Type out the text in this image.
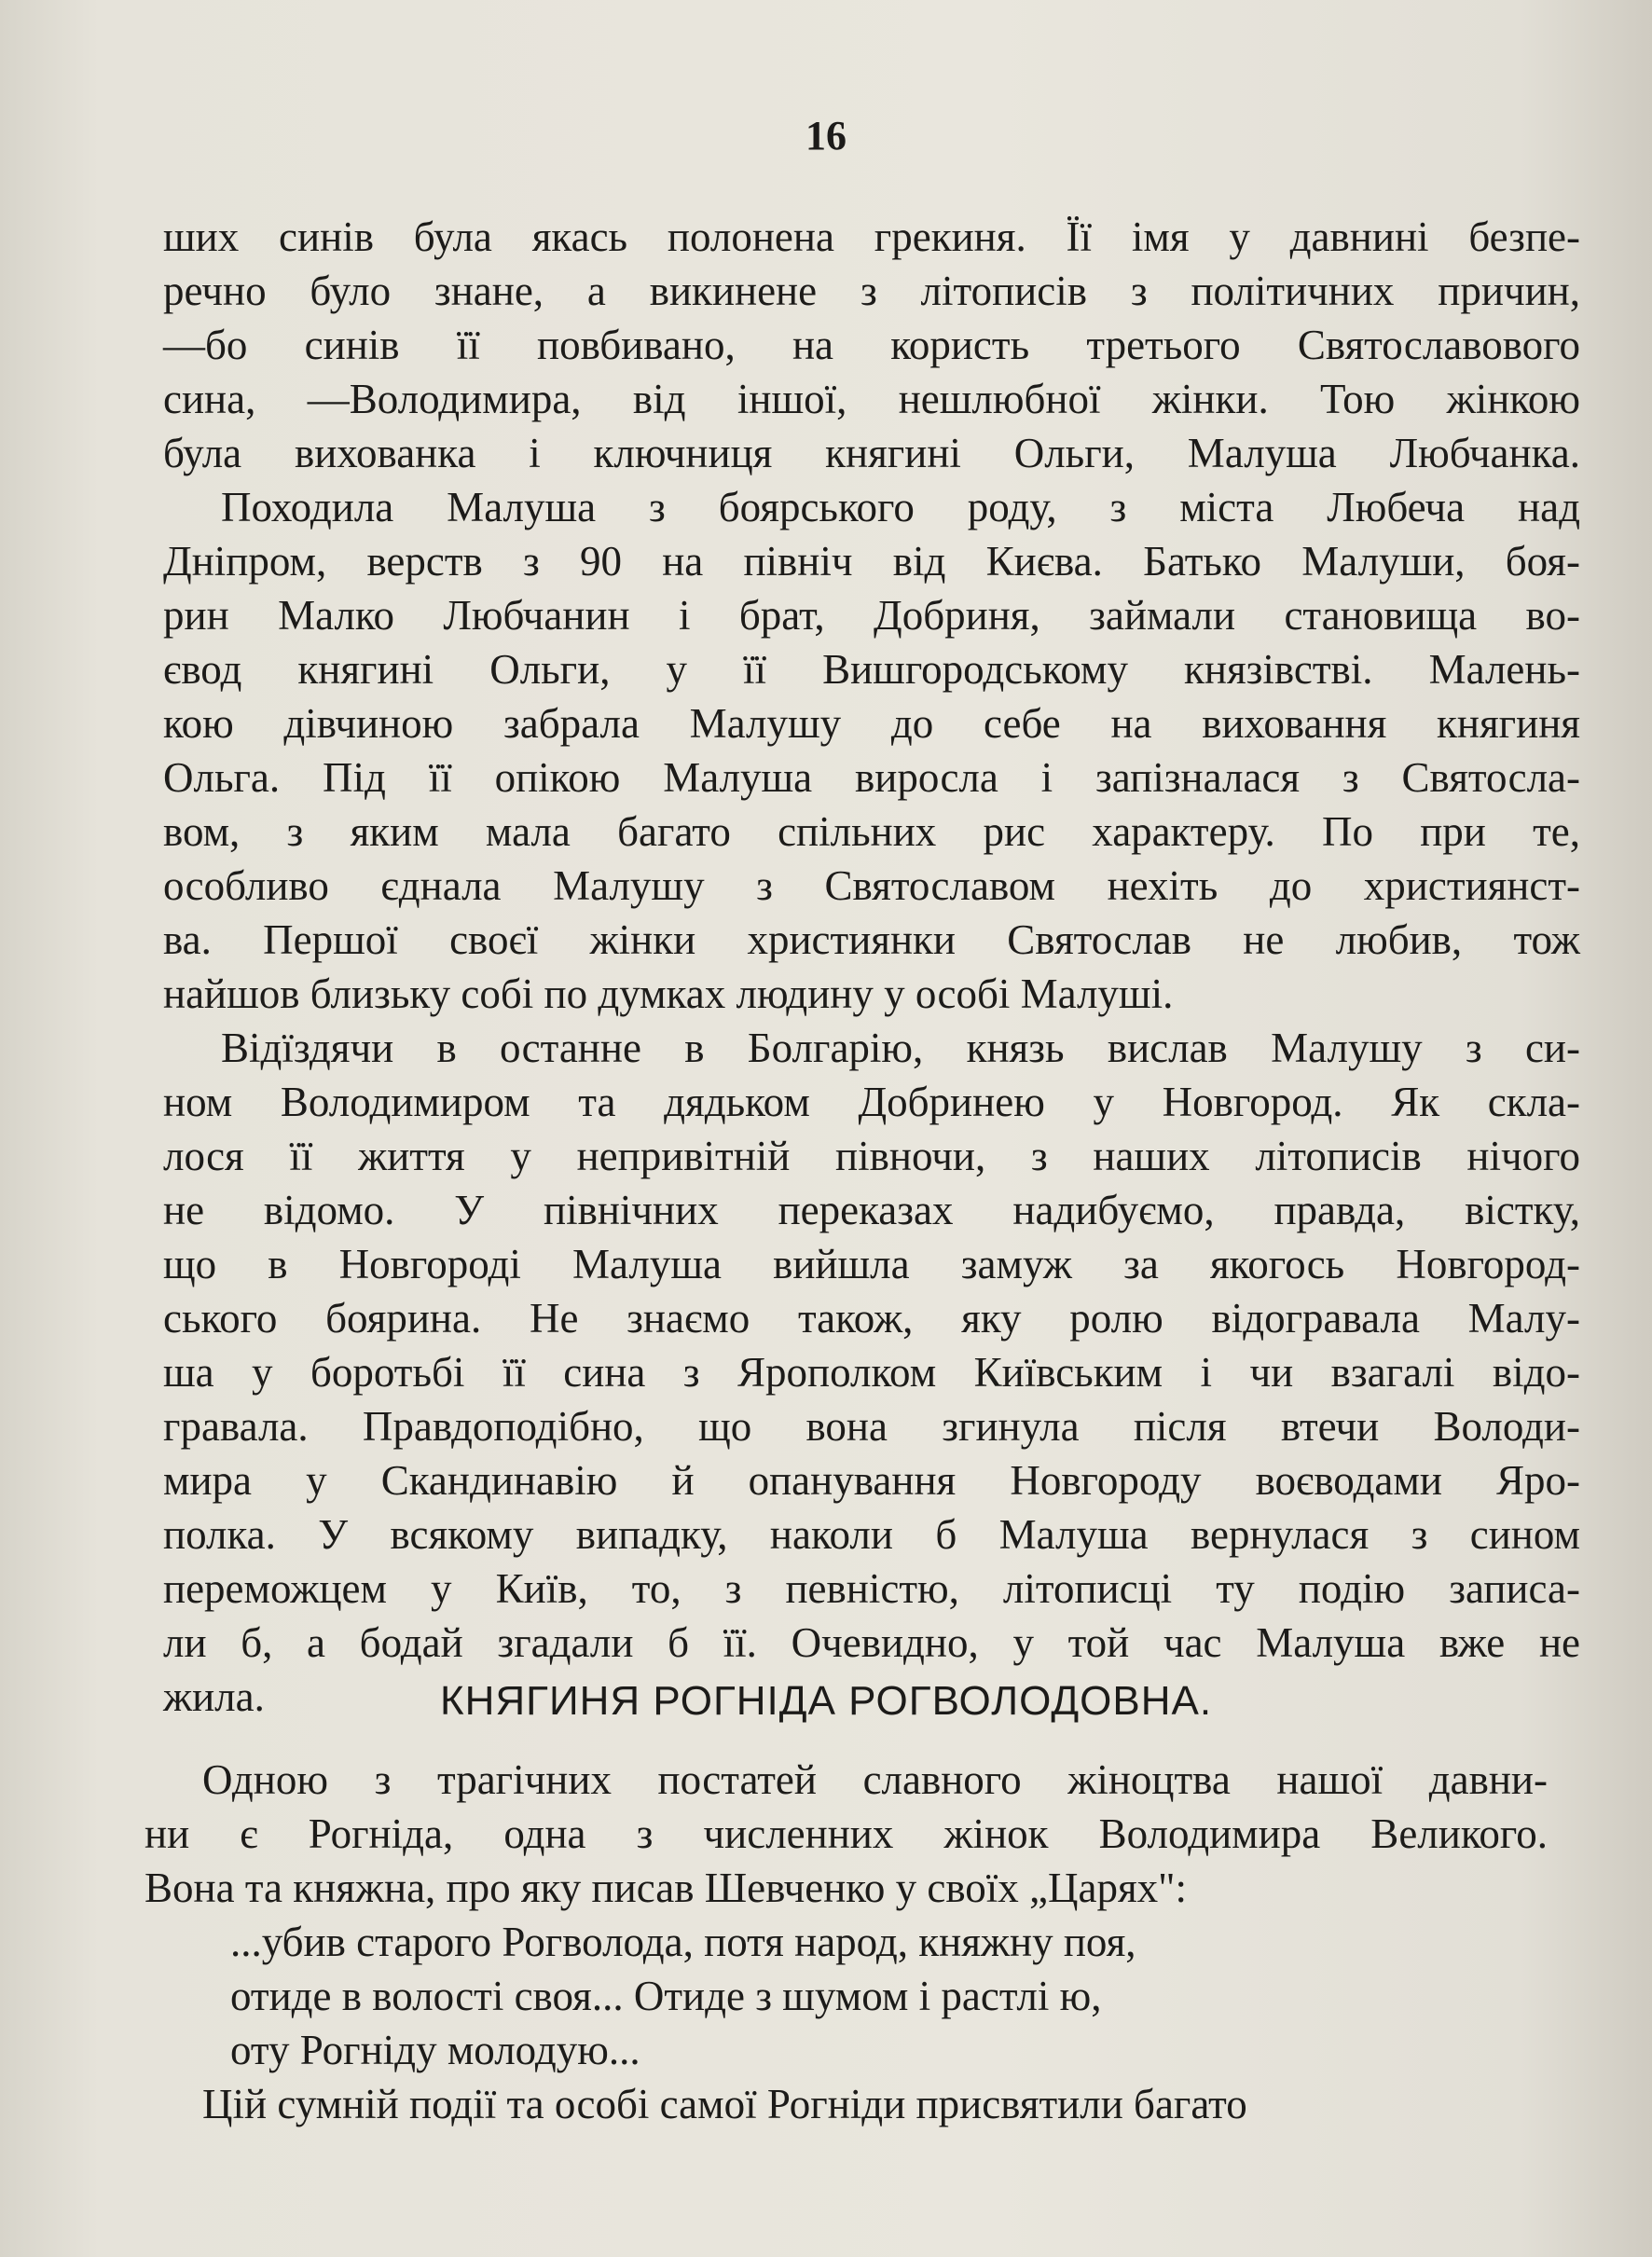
16
ших синів була якась полонена грекиня. Її імя у давнині безпе-
речно було знане, а викинене з літописів з політичних причин,
—бо синів її повбивано, на користь третього Святославового
сина, —Володимира, від іншої, нешлюбної жінки. Тою жінкою
була вихованка і ключниця княгині Ольги, Малуша Любчанка.
Походила Малуша з боярського роду, з міста Любеча над
Дніпром, верств з 90 на північ від Києва. Батько Малуши, боя-
рин Малко Любчанин і брат, Добриня, займали становища во-
євод княгині Ольги, у її Вишгородському князівстві. Малень-
кою дівчиною забрала Малушу до себе на виховання княгиня
Ольга. Під її опікою Малуша виросла і запізналася з Святосла-
вом, з яким мала багато спільних рис характеру. По при те,
особливо єднала Малушу з Святославом нехіть до християнст-
ва. Першої своєї жінки християнки Святослав не любив, тож
найшов близьку собі по думках людину у особі Малуші.
Відїздячи в останне в Болгарію, князь вислав Малушу з си-
ном Володимиром та дядьком Добринею у Новгород. Як скла-
лося її життя у непривітній півночи, з наших літописів нічого
не відомо. У північних переказах надибуємо, правда, вістку,
що в Новгороді Малуша вийшла замуж за якогось Новгород-
ського боярина. Не знаємо також, яку ролю відогравала Малу-
ша у боротьбі її сина з Ярополком Київським і чи взагалі відо-
гравала. Правдоподібно, що вона згинула після втечи Володи-
мира у Скандинавію й опанування Новгороду воєводами Яро-
полка. У всякому випадку, наколи б Малуша вернулася з сином
переможцем у Київ, то, з певністю, літописці ту подію записа-
ли б, а бодай згадали б її. Очевидно, у той час Малуша вже не
жила.	КНЯГИНЯ РОГНІДА РОГВОЛОДОВНА.
Одною з трагічних постатей славного жіноцтва нашої давни-
ни є Рогніда, одна з численних жінок Володимира Великого.
Вона та княжна, про яку писав Шевченко у своїх „Царях":
...убив старого Рогволода, потя народ, княжну поя,
отиде в волості своя... Отиде з шумом і растлі ю,
оту Рогніду молодую...
Цій сумній події та особі самої Рогніди присвятили багато
